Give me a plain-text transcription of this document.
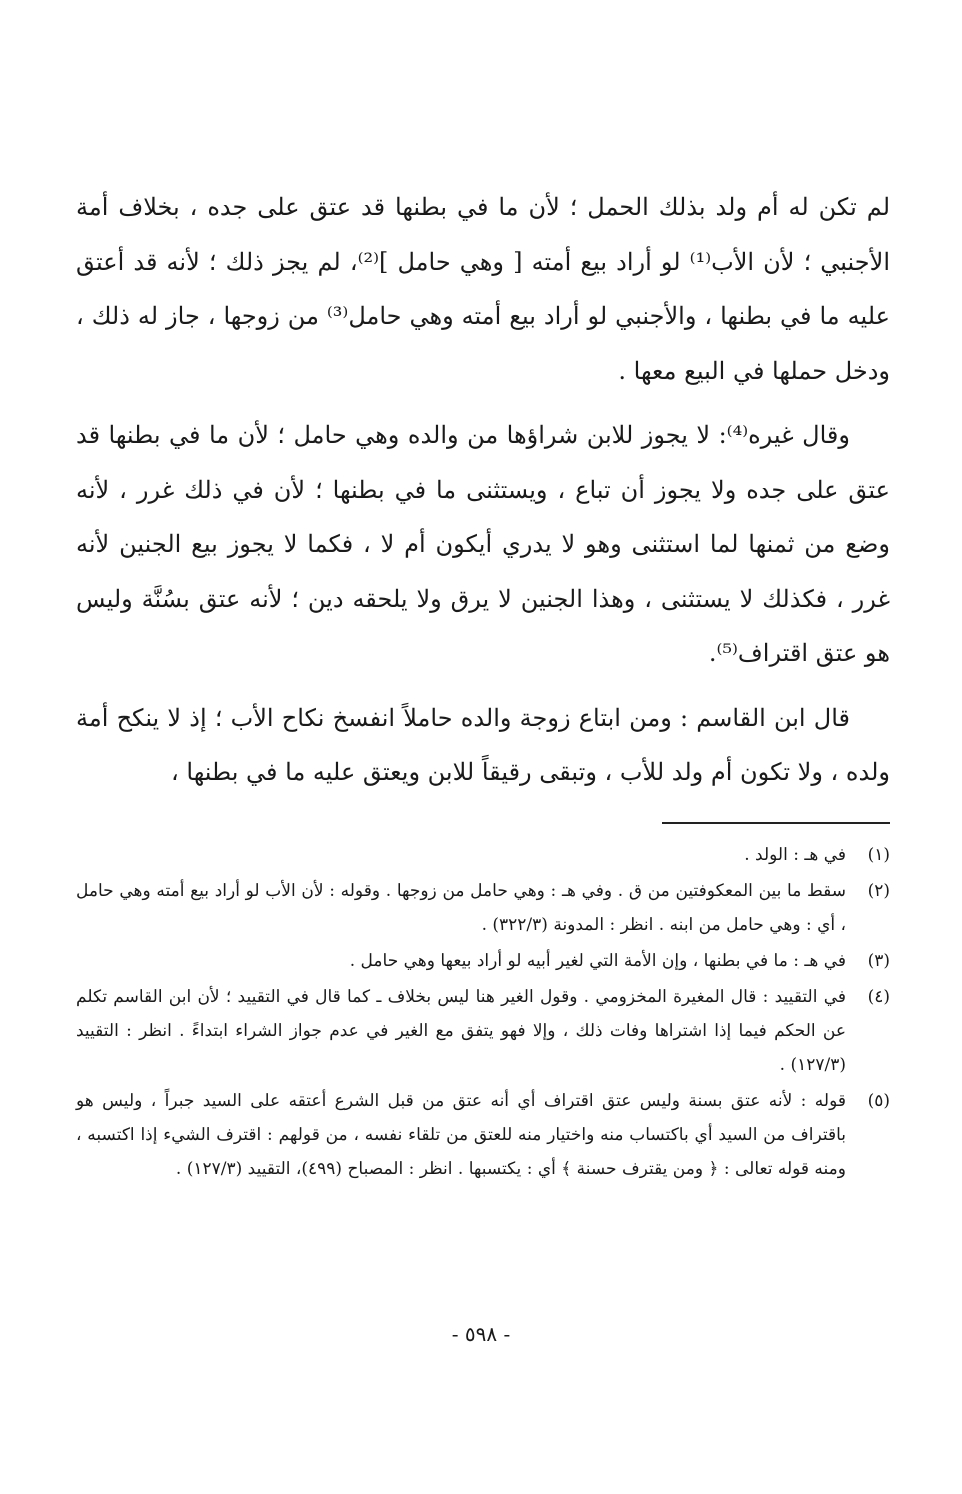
لم تكن له أم ولد بذلك الحمل ؛ لأن ما في بطنها قد عتق على جده ، بخلاف أمة الأجنبي ؛ لأن الأب⁽¹⁾ لو أراد بيع أمته [ وهي حامل ]⁽²⁾، لم يجز ذلك ؛ لأنه قد أعتق عليه ما في بطنها ، والأجنبي لو أراد بيع أمته وهي حامل⁽³⁾ من زوجها ، جاز له ذلك ، ودخل حملها في البيع معها .

وقال غيره⁽⁴⁾: لا يجوز للابن شراؤها من والده وهي حامل ؛ لأن ما في بطنها قد عتق على جده ولا يجوز أن تباع ، ويستثنى ما في بطنها ؛ لأن في ذلك غرر ، لأنه وضع من ثمنها لما استثنى وهو لا يدري أيكون أم لا ، فكما لا يجوز بيع الجنين لأنه غرر ، فكذلك لا يستثنى ، وهذا الجنين لا يرق ولا يلحقه دين ؛ لأنه عتق بسُنَّة وليس هو عتق اقتراف⁽⁵⁾.

قال ابن القاسم : ومن ابتاع زوجة والده حاملاً انفسخ نكاح الأب ؛ إذ لا ينكح أمة ولده ، ولا تكون أم ولد للأب ، وتبقى رقيقاً للابن ويعتق عليه ما في بطنها ،

(١)
في هـ : الولد .
(٢)
سقط ما بين المعكوفتين من ق . وفي هـ : وهي حامل من زوجها . وقوله : لأن الأب لو أراد بيع أمته وهي حامل ، أي : وهي حامل من ابنه . انظر : المدونة (٣٢٢/٣) .
(٣)
في هـ : ما في بطنها ، وإن الأمة التي لغير أبيه لو أراد بيعها وهي حامل .
(٤)
في التقييد : قال المغيرة المخزومي . وقول الغير هنا ليس بخلاف ـ كما قال في التقييد ؛ لأن ابن القاسم تكلم عن الحكم فيما إذا اشتراها وفات ذلك ، وإلا فهو يتفق مع الغير في عدم جواز الشراء ابتداءً . انظر : التقييد (١٢٧/٣) .
(٥)
قوله : لأنه عتق بسنة وليس عتق اقتراف أي أنه عتق من قبل الشرع أعتقه على السيد جبراً ، وليس هو باقتراف من السيد أي باكتساب منه واختيار منه للعتق من تلقاء نفسه ، من قولهم : اقترف الشيء إذا اكتسبه ، ومنه قوله تعالى : ﴿ ومن يقترف حسنة ﴾ أي : يكتسبها . انظر : المصباح (٤٩٩)، التقييد (١٢٧/٣) .
- ٥٩٨ -
